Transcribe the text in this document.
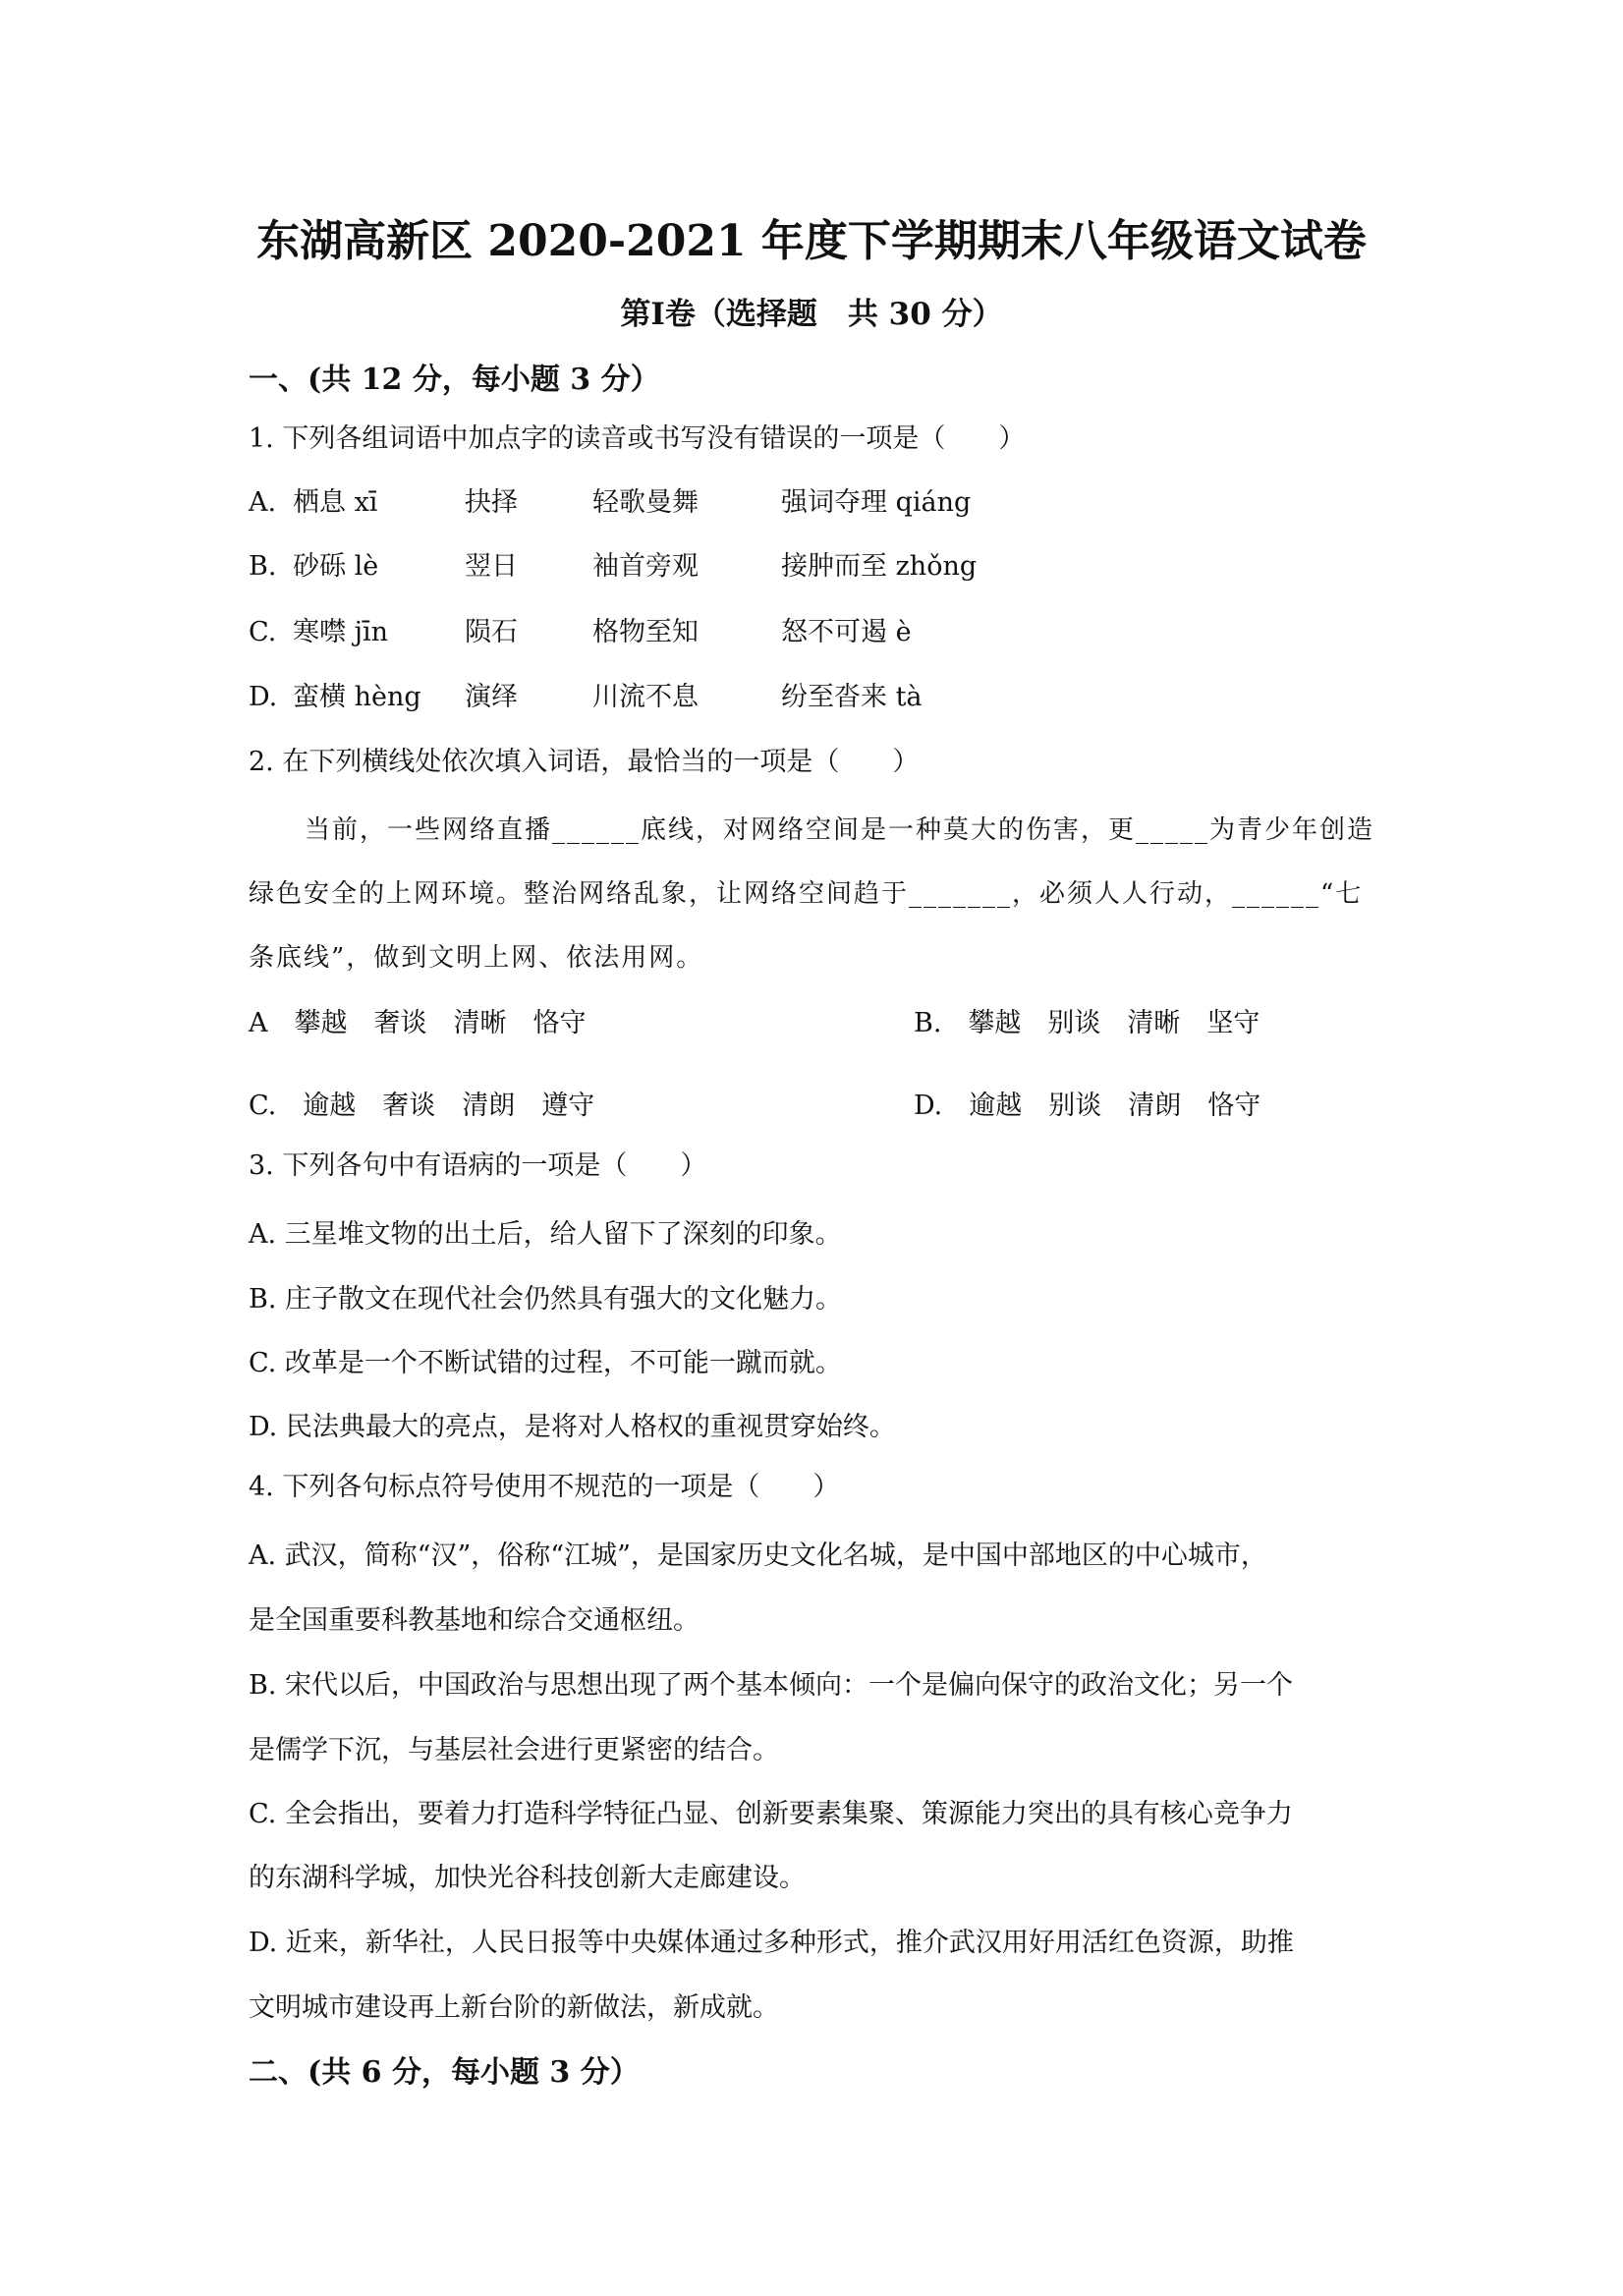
东湖高新区 2020-2021 年度下学期期末八年级语文试卷
第Ⅰ卷（选择题　共 30 分）
一、(共 12 分，每小题 3 分）
1. 下列各组词语中加点字的读音或书写没有错误的一项是（　　）
A. 栖息 xī	抉择	轻歌曼舞	强词夺理 qiáng
B. 砂砾 lè	翌日	袖首旁观	接肿而至 zhǒng
C. 寒噤 jīn	陨石	格物至知	怒不可遏 è
D. 蛮横 hèng 演绎	川流不息	纷至沓来 tà
2. 在下列横线处依次填入词语，最恰当的一项是（　　）
当前，一些网络直播______底线，对网络空间是一种莫大的伤害，更_____为青少年创造
绿色安全的上网环境。整治网络乱象，让网络空间趋于_______，必须人人行动，______“七
条底线”，做到文明上网、依法用网。
A　攀越　奢谈　清晰　恪守	B.　攀越　别谈　清晰　坚守
C.　逾越　奢谈　清朗　遵守	D.　逾越　别谈　清朗　恪守
3. 下列各句中有语病的一项是（　　）
A. 三星堆文物的出土后，给人留下了深刻的印象。
B. 庄子散文在现代社会仍然具有强大的文化魅力。
C. 改革是一个不断试错的过程，不可能一蹴而就。
D. 民法典最大的亮点，是将对人格权的重视贯穿始终。
4. 下列各句标点符号使用不规范的一项是（　　）
A. 武汉，简称“汉”，俗称“江城”，是国家历史文化名城，是中国中部地区的中心城市，
是全国重要科教基地和综合交通枢纽。
B. 宋代以后，中国政治与思想出现了两个基本倾向：一个是偏向保守的政治文化；另一个
是儒学下沉，与基层社会进行更紧密的结合。
C. 全会指出，要着力打造科学特征凸显、创新要素集聚、策源能力突出的具有核心竞争力
的东湖科学城，加快光谷科技创新大走廊建设。
D. 近来，新华社，人民日报等中央媒体通过多种形式，推介武汉用好用活红色资源，助推
文明城市建设再上新台阶的新做法，新成就。
二、(共 6 分，每小题 3 分）
